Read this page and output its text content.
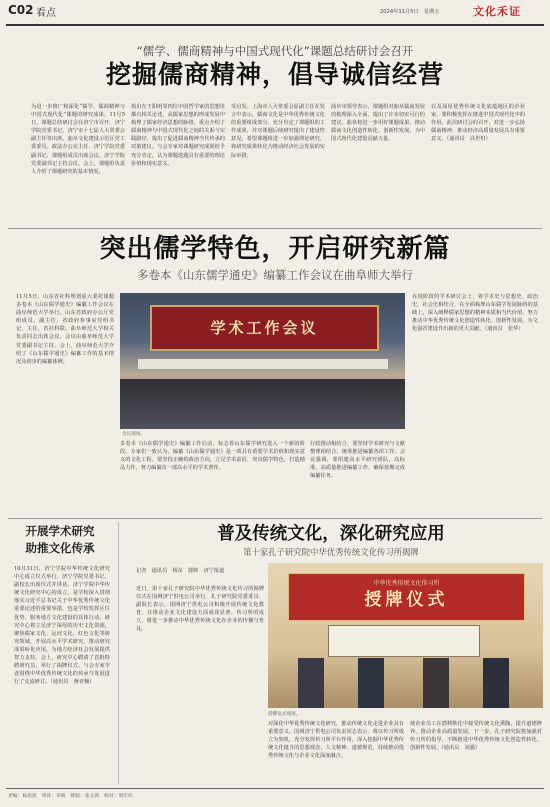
C02 看点	2024年11月5日　星期五	文化禾证
“儒学、儒商精神与中国式现代化”课题总结研讨会召开
挖掘儒商精神，倡导诚信经营
为进一步推广和深化“儒学、儒商精神与中国式现代化”课题的研究成果，11月5日，课题总结研讨会在济宁市召开。济宁学院党委书记、济宁市十七届人大常委会副主任等出席。曲阜文化建设示范区党工委委员、政法办公室主任、济宁学院党委副书记、课题组成员出席会议。济宁学院党委副书记主持会议。会上，课题组负责人介绍了课题研究的基本情况，
指出在王阳明等四位中国哲学家的思想里都有相关论述，从儒家思想的形成发展中梳理了儒家经济思想的脉络，重点介绍了儒商精神与中国式现代化之间的关系与实践路径，提出了促进儒商精神当代传承的对策建议。与会专家对课题研究成果给予充分肯定，认为课题选题具有重要的理论价值和现实意义。
受启发。上海市人大常委会原副主任在发言中表示，儒商文化是中华优秀传统文化的重要组成部分，充分肯定了课题组的工作成果，并对课题后续研究提出了建设性意见，希望课题组进一步加强理论研究，将研究成果转化为推动经济社会发展的实际举措。
曲阜市领导表示，课题组对曲阜儒商发展的梳理深入全面，提出了许多切实可行的建议。曲阜将进一步用好课题成果，推动儒商文化创造性转化、创新性发展，为中国式现代化建设贡献力量。
以及深厚优秀传统文化底蕴地区的企业家，要积极发挥在推进中国式现代化中的作用。此次研讨会的召开，对进一步弘扬儒商精神、推动经济高质量发展具有重要意义。（通讯员　高世恒）
突出儒学特色，开启研究新篇
多卷本《山东儒学通史》编纂工作会议在曲阜师大举行
11月5日，山东省社科规划重大委托课题多卷本《山东儒学通史》编纂工作会议在曲阜师范大学举行。山东省政府办公厅党组成员、副主任，省政府参事室党组书记、主任，省社科联、曲阜师范大学相关负责同志出席会议。会议由曲阜师范大学党委副书记主持。会上，曲阜师范大学介绍了《山东儒学通史》编纂工作的基本情况及初步的编纂体例。
学术工作会议
会议现场。
多卷本《山东儒学通史》编纂工作启动，标志着山东儒学研究进入一个新的阶段。专家们一致认为，编纂《山东儒学通史》是一项具有重要学术价值和现实意义的文化工程，要坚持正确的政治方向，立足学术前沿，突出儒学特色，打造精品力作，努力编纂出一部高水平的学术著作。
行政推动相结合，要坚持学术研究与文献整理相结合，统筹推进编纂各项工作。会议强调，要组建高水平研究团队，高标准、高质量推进编纂工作，确保按期完成编纂任务。
在现阶段的学术研讨会上，将学术史与思想史、政治史、社会史相结合，在全面梳理山东儒学发展脉络的基础上，深入阐释儒家思想的精神实质和当代价值，努力推动中华优秀传统文化创造性转化、创新性发展，为文化强省建设作出新的更大贡献。（通讯员　张华）
开展学术研究
助推文化传承
10月31日，济宁学院中华传统文化研究中心成立仪式举行。济宁学院党委书记、副校长出席仪式并讲话。济宁学院中华传统文化研究中心的成立，是学校深入贯彻落实习近平总书记关于中华优秀传统文化重要论述的重要举措，也是学校发挥区位优势、服务地方文化建设的具体行动。研究中心将立足济宁深厚的历史文化资源，聚焦儒家文化、运河文化、红色文化等研究领域，开展高水平学术研究，推动研究成果转化应用，为地方经济社会发展提供智力支持。会上，研究中心聘请了首批特聘研究员，举行了揭牌仪式。与会专家学者围绕中华优秀传统文化的传承与发展进行了交流研讨。（通讯员　蒋亚楠）
普及传统文化，深化研究应用
第十家孔子研究院中华优秀传统文化传习所揭牌
记者　通讯员　杨东　郭帅　济宁报道
近日，第十家孔子研究院中华优秀传统文化传习所揭牌仪式在国网济宁供电公司举行。孔子研究院党委委员、副院长表示，国网济宁供电公司积极开展传统文化教育，在推动企业文化建设方面成效显著。传习所的成立，将进一步推动中华优秀传统文化在企业的传播与普及。
中华优秀传统文化传习所
授牌仪式
授牌仪式现场。
对深化中华优秀传统文化研究，推动传统文化走进企业具有重要意义。国网济宁供电公司负责同志表示，将以传习所成立为契机，充分发挥传习所平台作用，深入挖掘中华优秀传统文化蕴含的思想观念、人文精神、道德规范，持续推动优秀传统文化与企业文化深度融合。
使企业员工在潜移默化中接受传统文化熏陶，提升道德修养，推动企业高质量发展。下一步，孔子研究院将加强对传习所的指导，不断推进中华优秀传统文化创造性转化、创新性发展。（通讯员　刘强）
责编：杨思思　审读：李萌　排版：张文新　校对：周宏伟
